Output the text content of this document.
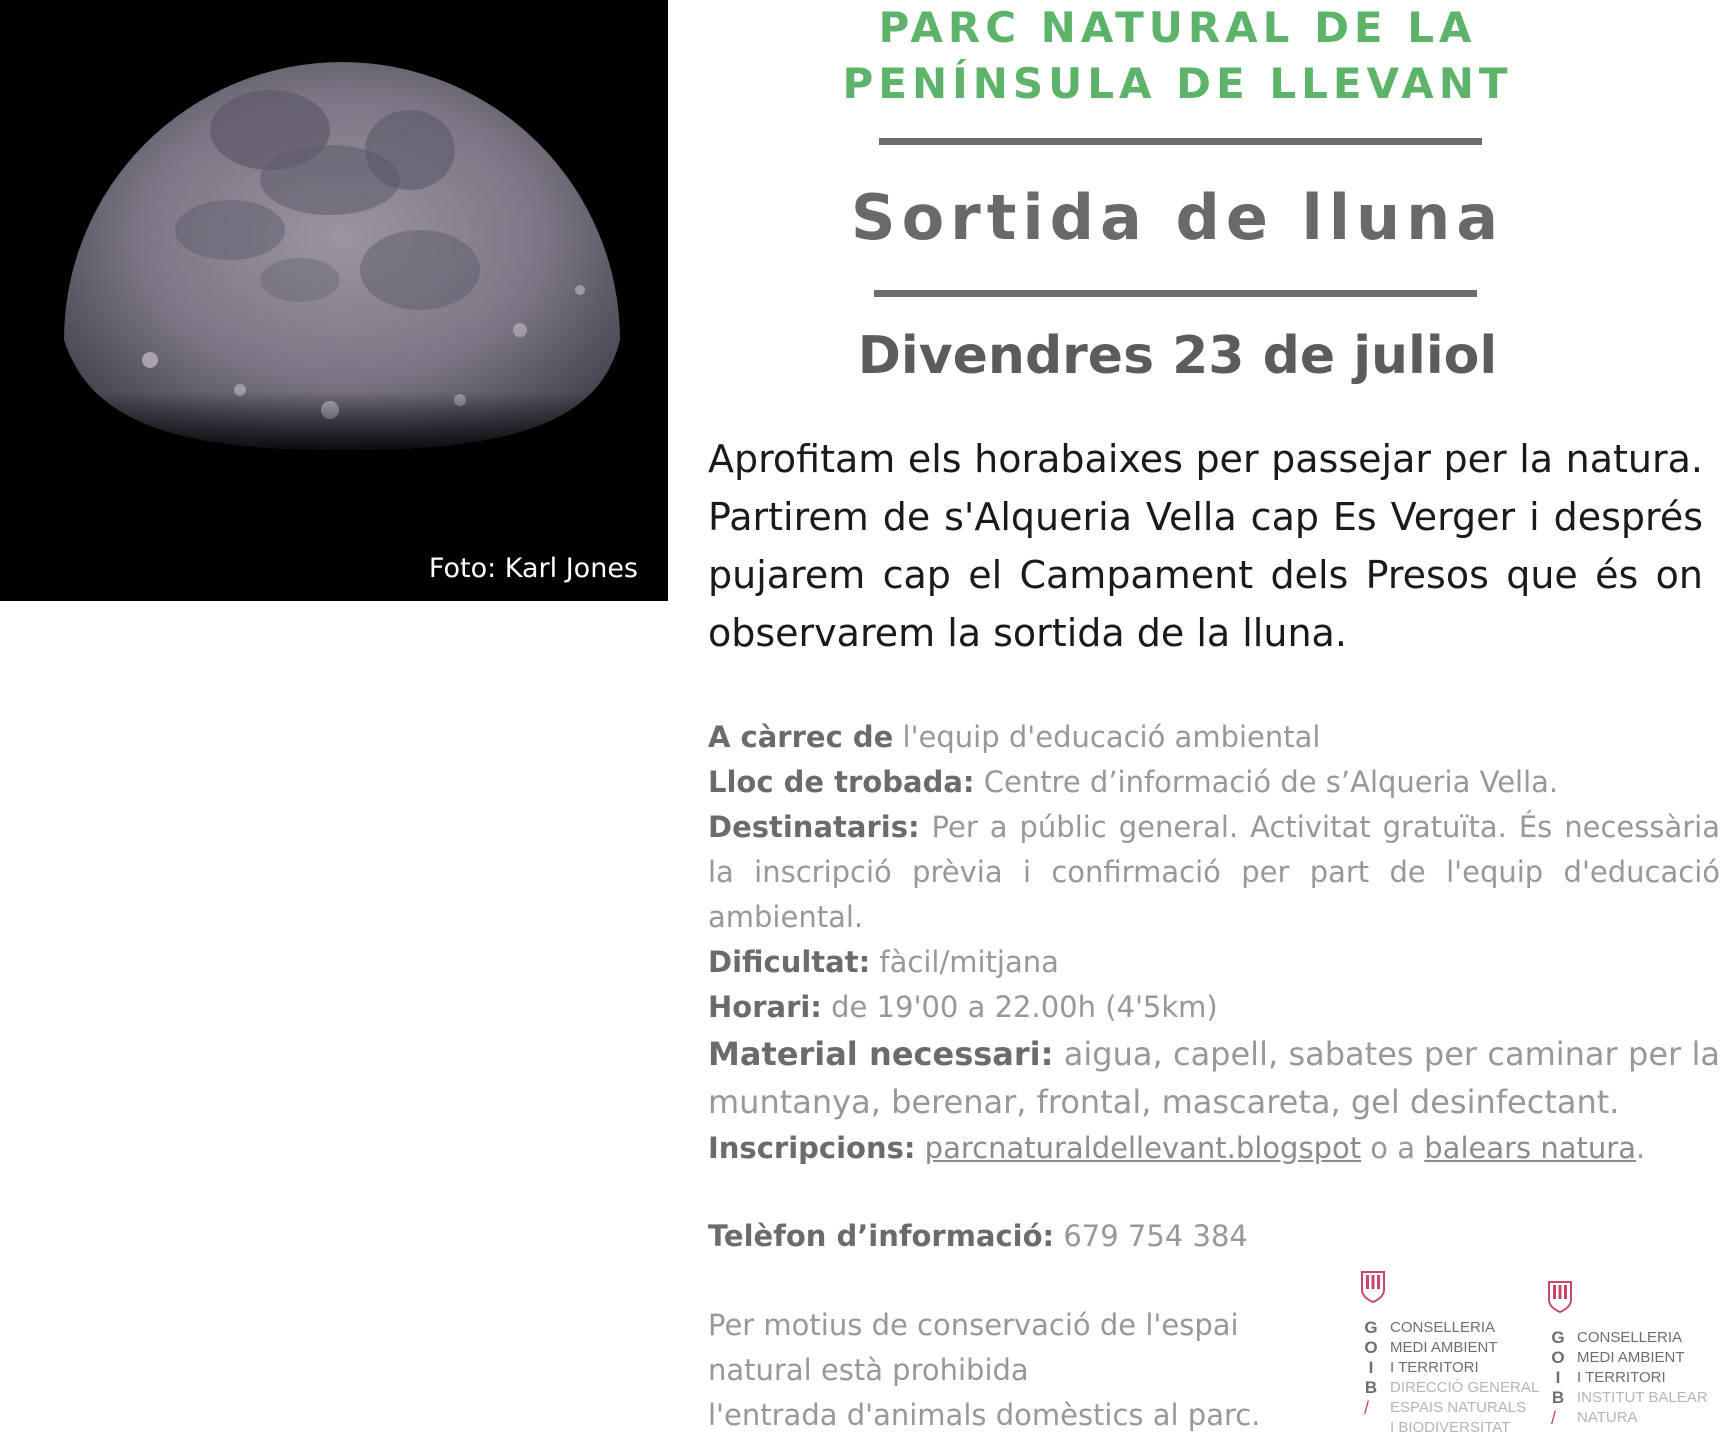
Foto: Karl Jones
PARC NATURAL DE LA
PENÍNSULA DE LLEVANT
Sortida de lluna
Divendres 23 de juliol

Aprofitam els horabaixes per passejar per la natura. Partirem de s'Alqueria Vella cap Es Verger i després pujarem cap el Campament dels Presos que és on observarem la sortida de la lluna.

A càrrec de l'equip d'educació ambiental
Lloc de trobada: Centre d’informació de s’Alqueria Vella.
Destinataris: Per a públic general. Activitat gratuïta. És necessària la inscripció prèvia i confirmació per part de l'equip d'educació ambiental.
Dificultat: fàcil/mitjana
Horari: de 19'00 a 22.00h (4'5km)
Material necessari: aigua, capell, sabates per caminar per la muntanya, berenar, frontal, mascareta, gel desinfectant.
Inscripcions: parcnaturaldellevant.blogspot o a balears natura.
Telèfon d’informació: 679 754 384
Per motius de conservació de l'espai
natural està prohibida
l'entrada d'animals domèstics al parc.
G
O
I
B
/
CONSELLERIA
MEDI AMBIENT
I TERRITORI
DIRECCIÓ GENERAL
ESPAIS NATURALS
I BIODIVERSITAT
G
O
I
B
/
CONSELLERIA
MEDI AMBIENT
I TERRITORI
INSTITUT BALEAR
NATURA
